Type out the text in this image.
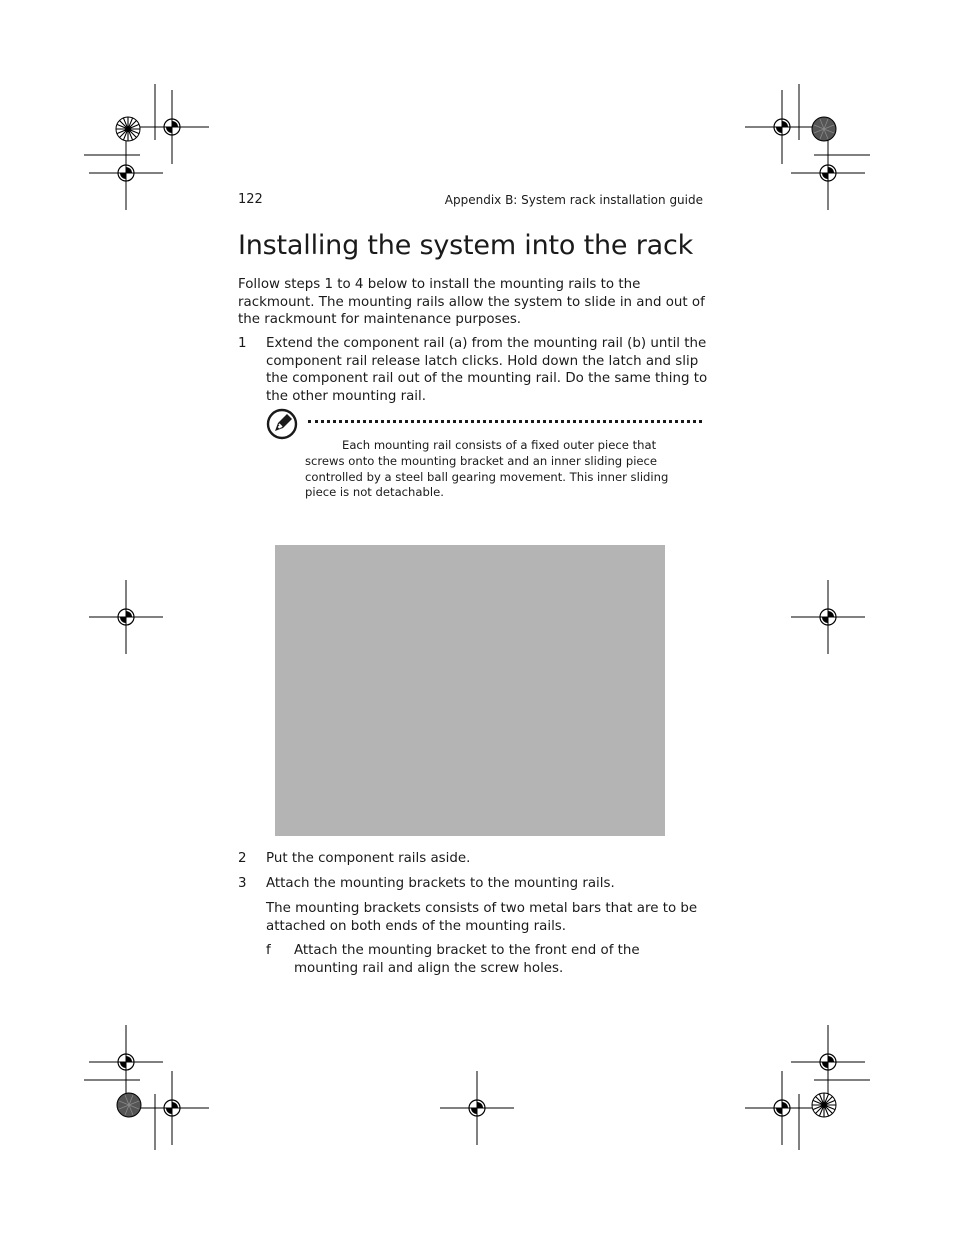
122	Appendix B: System rack installation guide
Installing the system into the rack
Follow steps 1 to 4 below to install the mounting rails to the rackmount. The mounting rails allow the system to slide in and out of the rackmount for maintenance purposes.
1	Extend the component rail (a) from the mounting rail (b) until the component rail release latch clicks. Hold down the latch and slip the component rail out of the mounting rail. Do the same thing to the other mounting rail.
Each mounting rail consists of a fixed outer piece that screws onto the mounting bracket and an inner sliding piece controlled by a steel ball gearing movement. This inner sliding piece is not detachable.
2	Put the component rails aside.
3	Attach the mounting brackets to the mounting rails.
The mounting brackets consists of two metal bars that are to be attached on both ends of the mounting rails.
f	Attach the mounting bracket to the front end of the mounting rail and align the screw holes.
